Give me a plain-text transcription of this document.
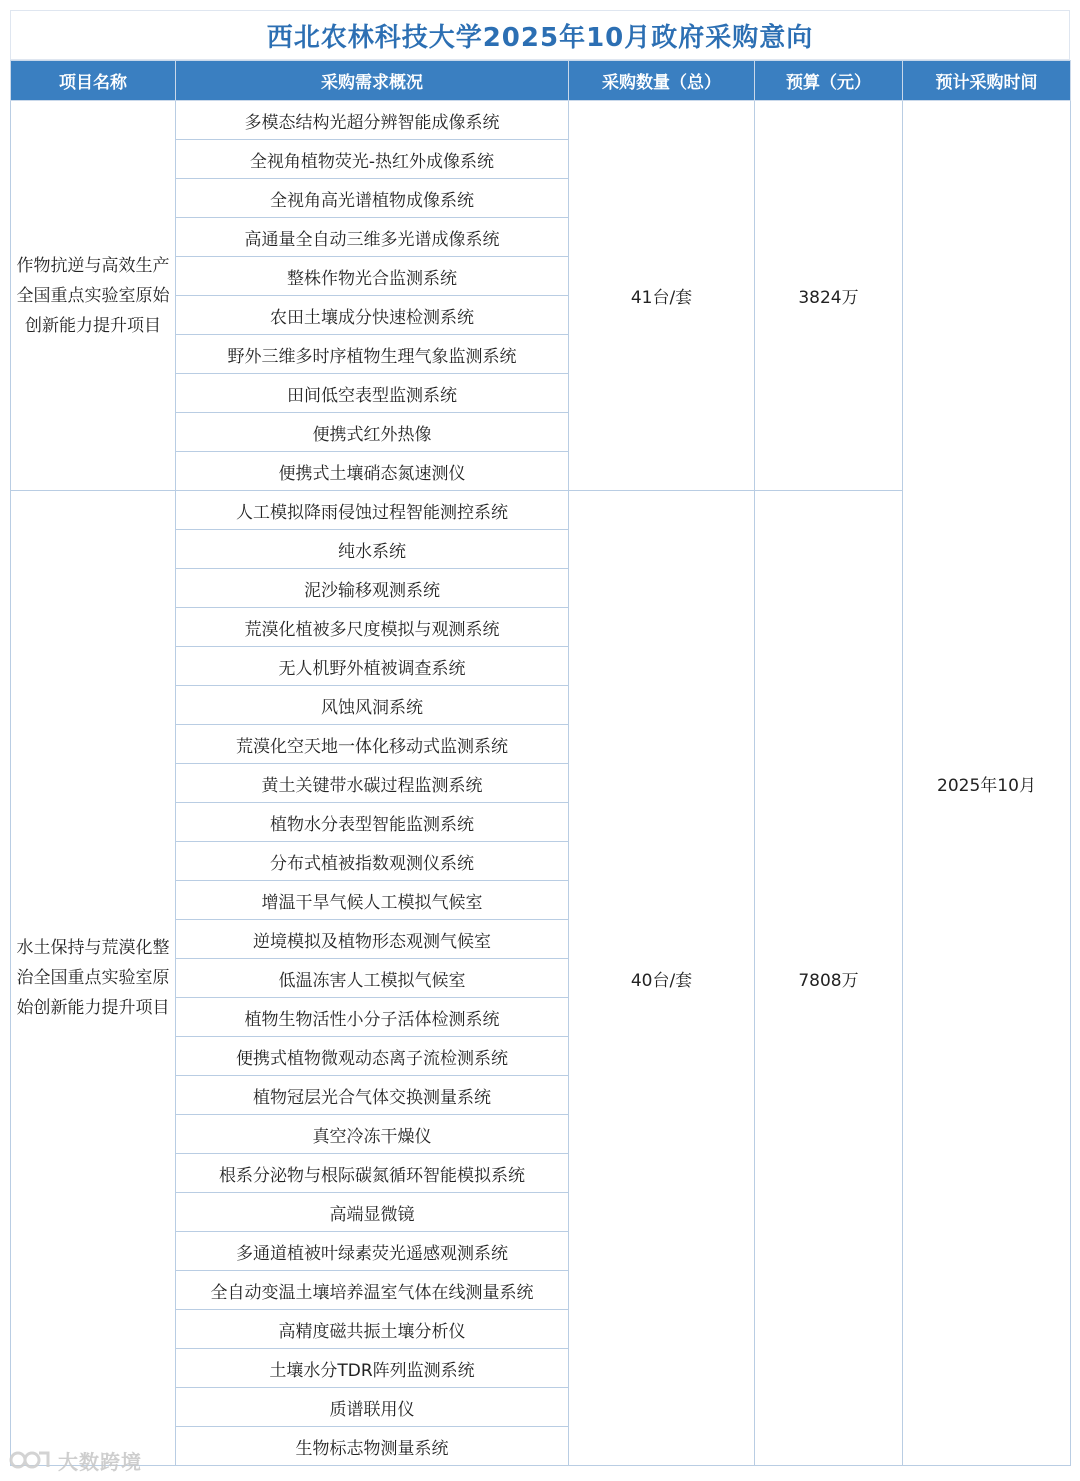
西北农林科技大学2025年10月政府采购意向
项目名称	采购需求概况	采购数量（总）	预算（元）	预计采购时间
作物抗逆与高效生产全国重点实验室原始创新能力提升项目	多模态结构光超分辨智能成像系统	41台/套	3824万	2025年10月
	全视角植物荧光-热红外成像系统			
	全视角高光谱植物成像系统			
	高通量全自动三维多光谱成像系统			
	整株作物光合监测系统			
	农田土壤成分快速检测系统			
	野外三维多时序植物生理气象监测系统			
	田间低空表型监测系统			
	便携式红外热像			
	便携式土壤硝态氮速测仪			
水土保持与荒漠化整治全国重点实验室原始创新能力提升项目	人工模拟降雨侵蚀过程智能测控系统	40台/套	7808万	
	纯水系统			
	泥沙输移观测系统			
	荒漠化植被多尺度模拟与观测系统			
	无人机野外植被调查系统			
	风蚀风洞系统			
	荒漠化空天地一体化移动式监测系统			
	黄土关键带水碳过程监测系统			
	植物水分表型智能监测系统			
	分布式植被指数观测仪系统			
	增温干旱气候人工模拟气候室			
	逆境模拟及植物形态观测气候室			
	低温冻害人工模拟气候室			
	植物生物活性小分子活体检测系统			
	便携式植物微观动态离子流检测系统			
	植物冠层光合气体交换测量系统			
	真空冷冻干燥仪			
	根系分泌物与根际碳氮循环智能模拟系统			
	高端显微镜			
	多通道植被叶绿素荧光遥感观测系统			
	全自动变温土壤培养温室气体在线测量系统			
	高精度磁共振土壤分析仪			
	土壤水分TDR阵列监测系统			
	质谱联用仪			
	生物标志物测量系统			
大数跨境
